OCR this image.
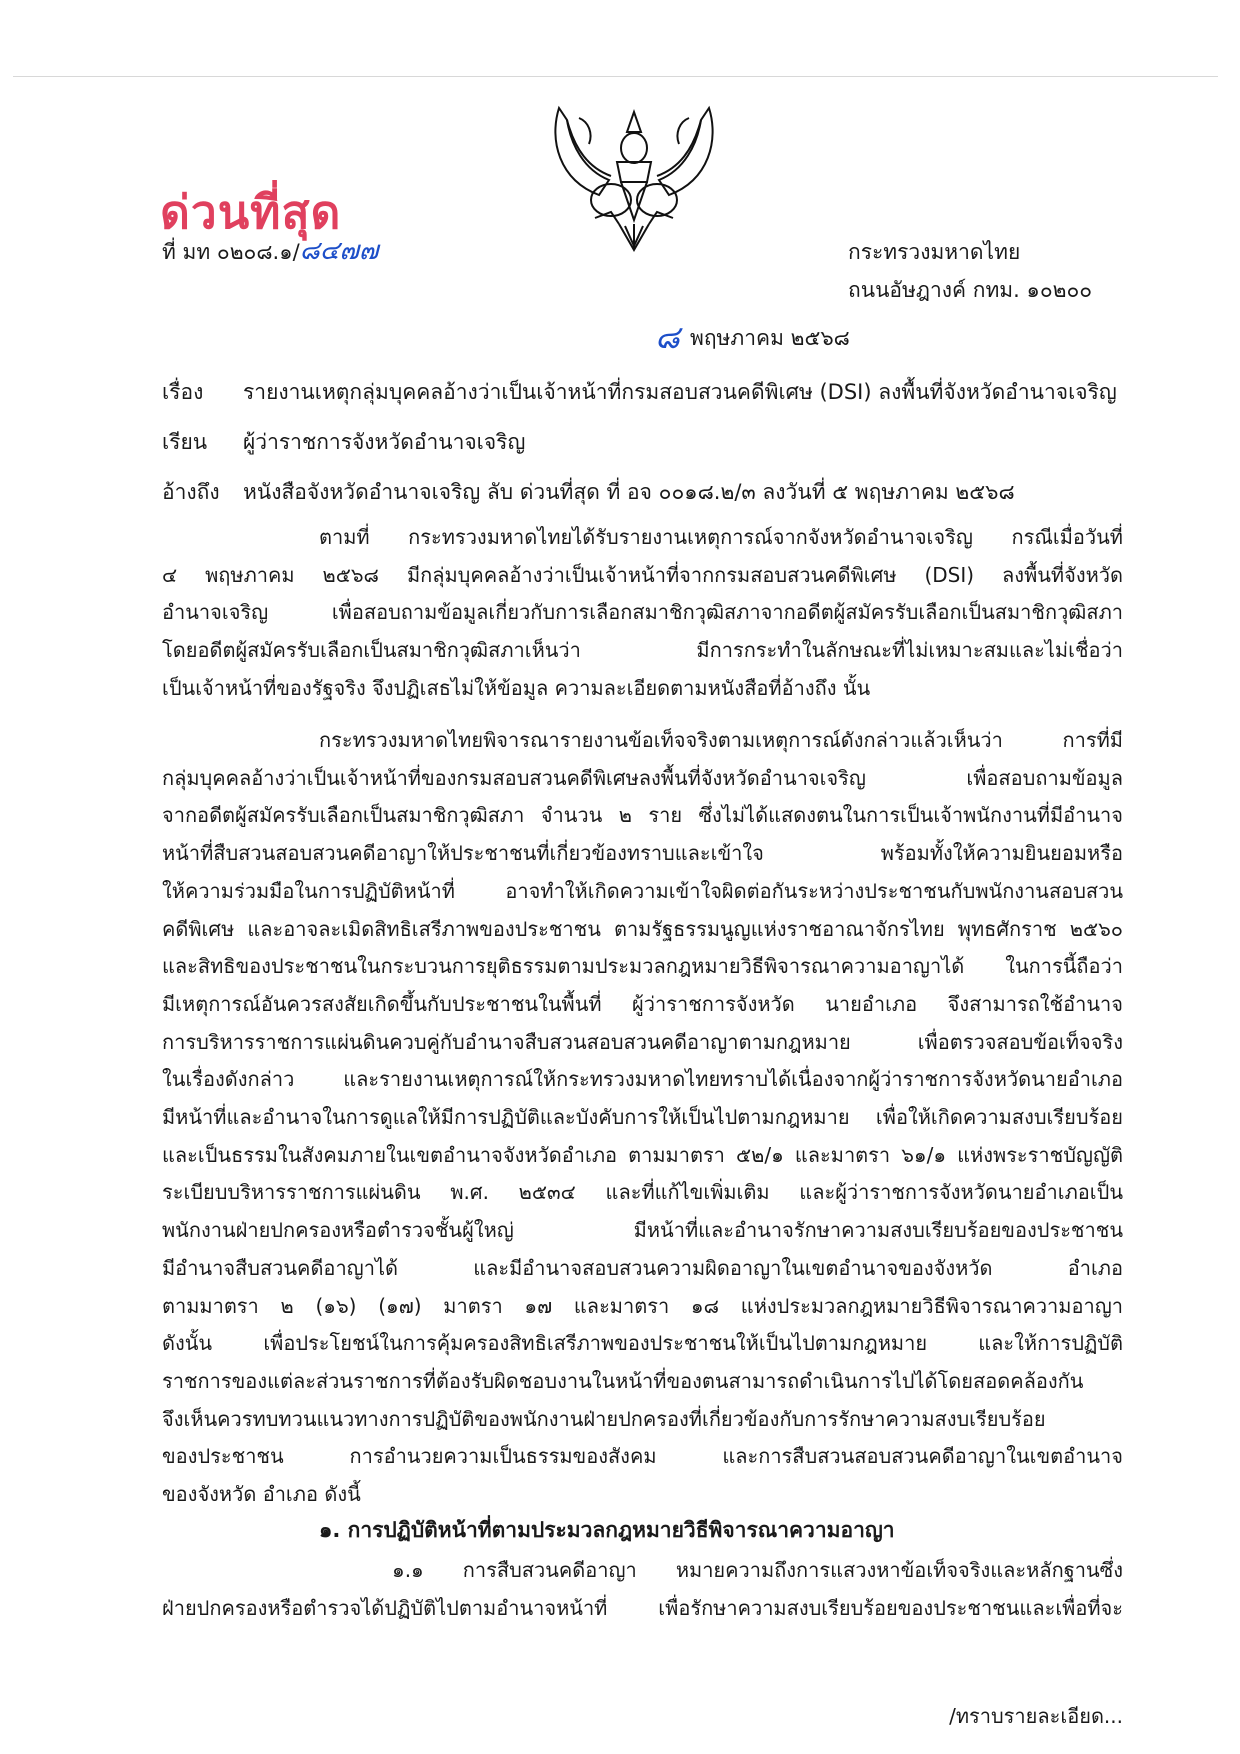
ด่วนที่สุด
ที่ มท ๐๒๐๘.๑/๘๔๗๗	กระทรวงมหาดไทย
ถนนอัษฎางค์ กทม. ๑๐๒๐๐
๘ พฤษภาคม ๒๕๖๘
เรื่อง รายงานเหตุกลุ่มบุคคลอ้างว่าเป็นเจ้าหน้าที่กรมสอบสวนคดีพิเศษ (DSI) ลงพื้นที่จังหวัดอำนาจเจริญ
เรียน ผู้ว่าราชการจังหวัดอำนาจเจริญ
อ้างถึง หนังสือจังหวัดอำนาจเจริญ ลับ ด่วนที่สุด ที่ อจ ๐๐๑๘.๒/๓ ลงวันที่ ๕ พฤษภาคม ๒๕๖๘
ตามที่ กระทรวงมหาดไทยได้รับรายงานเหตุการณ์จากจังหวัดอำนาจเจริญ กรณีเมื่อวันที่
๔ พฤษภาคม ๒๕๖๘ มีกลุ่มบุคคลอ้างว่าเป็นเจ้าหน้าที่จากกรมสอบสวนคดีพิเศษ (DSI) ลงพื้นที่จังหวัด
อำนาจเจริญ เพื่อสอบถามข้อมูลเกี่ยวกับการเลือกสมาชิกวุฒิสภาจากอดีตผู้สมัครรับเลือกเป็นสมาชิกวุฒิสภา
โดยอดีตผู้สมัครรับเลือกเป็นสมาชิกวุฒิสภาเห็นว่า มีการกระทำในลักษณะที่ไม่เหมาะสมและไม่เชื่อว่า
เป็นเจ้าหน้าที่ของรัฐจริง จึงปฏิเสธไม่ให้ข้อมูล ความละเอียดตามหนังสือที่อ้างถึง นั้น
กระทรวงมหาดไทยพิจารณารายงานข้อเท็จจริงตามเหตุการณ์ดังกล่าวแล้วเห็นว่า การที่มี
กลุ่มบุคคลอ้างว่าเป็นเจ้าหน้าที่ของกรมสอบสวนคดีพิเศษลงพื้นที่จังหวัดอำนาจเจริญ เพื่อสอบถามข้อมูล
จากอดีตผู้สมัครรับเลือกเป็นสมาชิกวุฒิสภา จำนวน ๒ ราย ซึ่งไม่ได้แสดงตนในการเป็นเจ้าพนักงานที่มีอำนาจ
หน้าที่สืบสวนสอบสวนคดีอาญาให้ประชาชนที่เกี่ยวข้องทราบและเข้าใจ พร้อมทั้งให้ความยินยอมหรือ
ให้ความร่วมมือในการปฏิบัติหน้าที่ อาจทำให้เกิดความเข้าใจผิดต่อกันระหว่างประชาชนกับพนักงานสอบสวน
คดีพิเศษ และอาจละเมิดสิทธิเสรีภาพของประชาชน ตามรัฐธรรมนูญแห่งราชอาณาจักรไทย พุทธศักราช ๒๕๖๐
และสิทธิของประชาชนในกระบวนการยุติธรรมตามประมวลกฎหมายวิธีพิจารณาความอาญาได้ ในการนี้ถือว่า
มีเหตุการณ์อันควรสงสัยเกิดขึ้นกับประชาชนในพื้นที่ ผู้ว่าราชการจังหวัด นายอำเภอ จึงสามารถใช้อำนาจ
การบริหารราชการแผ่นดินควบคู่กับอำนาจสืบสวนสอบสวนคดีอาญาตามกฎหมาย เพื่อตรวจสอบข้อเท็จจริง
ในเรื่องดังกล่าว และรายงานเหตุการณ์ให้กระทรวงมหาดไทยทราบได้เนื่องจากผู้ว่าราชการจังหวัดนายอำเภอ
มีหน้าที่และอำนาจในการดูแลให้มีการปฏิบัติและบังคับการให้เป็นไปตามกฎหมาย เพื่อให้เกิดความสงบเรียบร้อย
และเป็นธรรมในสังคมภายในเขตอำนาจจังหวัดอำเภอ ตามมาตรา ๕๒/๑ และมาตรา ๖๑/๑ แห่งพระราชบัญญัติ
ระเบียบบริหารราชการแผ่นดิน พ.ศ. ๒๕๓๔ และที่แก้ไขเพิ่มเติม และผู้ว่าราชการจังหวัดนายอำเภอเป็น
พนักงานฝ่ายปกครองหรือตำรวจชั้นผู้ใหญ่ มีหน้าที่และอำนาจรักษาความสงบเรียบร้อยของประชาชน
มีอำนาจสืบสวนคดีอาญาได้ และมีอำนาจสอบสวนความผิดอาญาในเขตอำนาจของจังหวัด อำเภอ
ตามมาตรา ๒ (๑๖) (๑๗) มาตรา ๑๗ และมาตรา ๑๘ แห่งประมวลกฎหมายวิธีพิจารณาความอาญา
ดังนั้น เพื่อประโยชน์ในการคุ้มครองสิทธิเสรีภาพของประชาชนให้เป็นไปตามกฎหมาย และให้การปฏิบัติ
ราชการของแต่ละส่วนราชการที่ต้องรับผิดชอบงานในหน้าที่ของตนสามารถดำเนินการไปได้โดยสอดคล้องกัน
จึงเห็นควรทบทวนแนวทางการปฏิบัติของพนักงานฝ่ายปกครองที่เกี่ยวข้องกับการรักษาความสงบเรียบร้อย
ของประชาชน การอำนวยความเป็นธรรมของสังคม และการสืบสวนสอบสวนคดีอาญาในเขตอำนาจ
ของจังหวัด อำเภอ ดังนี้
๑. การปฏิบัติหน้าที่ตามประมวลกฎหมายวิธีพิจารณาความอาญา
๑.๑ การสืบสวนคดีอาญา หมายความถึงการแสวงหาข้อเท็จจริงและหลักฐานซึ่ง
ฝ่ายปกครองหรือตำรวจได้ปฏิบัติไปตามอำนาจหน้าที่ เพื่อรักษาความสงบเรียบร้อยของประชาชนและเพื่อที่จะ
/ทราบรายละเอียด...
